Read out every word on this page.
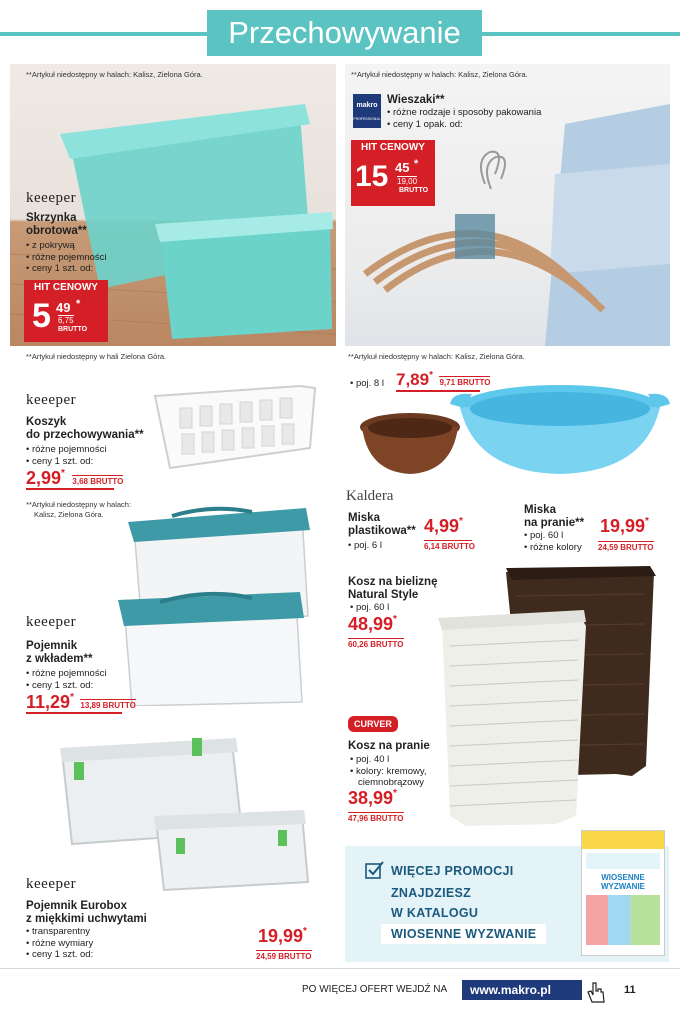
Przechowywanie
**Artykuł niedostępny w halach: Kalisz, Zielona Góra.
keeeper
Skrzynka
obrotowa**
• z pokrywą
• różne pojemności
• ceny 1 szt. od:
HIT CENOWY
5 49 *
6,75
BRUTTO
**Artykuł niedostępny w halach: Kalisz, Zielona Góra.
makro
PROFESSIONAL
Wieszaki**
• różne rodzaje i sposoby pakowania
• ceny 1 opak. od:
HIT CENOWY
15 45 *
19,00
BRUTTO
**Artykuł niedostępny w hali Zielona Góra.
keeeper
Koszyk
do przechowywania**
• różne pojemności
• ceny 1 szt. od:
2,99* 3,68 BRUTTO
**Artykuł niedostępny w halach: Kalisz, Zielona Góra.
• poj. 8 l 7,89* 9,71 BRUTTO
Kaldera
Miska
plastikowa**
• poj. 6 l
4,99*
6,14 BRUTTO
Miska
na pranie**
• poj. 60 l
• różne kolory
19,99*
24,59 BRUTTO
**Artykuł niedostępny w halach:
Kalisz, Zielona Góra.
keeeper
Pojemnik
z wkładem**
• różne pojemności
• ceny 1 szt. od:
11,29* 13,89 BRUTTO
Kosz na bieliznę
Natural Style
• poj. 60 l
48,99*
60,26 BRUTTO
CURVER
Kosz na pranie
• poj. 40 l
• kolory: kremowy,
ciemnobrązowy
38,99*
47,96 BRUTTO
keeeper
Pojemnik Eurobox
z miękkimi uchwytami
• transparentny
• różne wymiary
• ceny 1 szt. od:
19,99*
24,59 BRUTTO
WIĘCEJ PROMOCJI
ZNAJDZIESZ
W KATALOGU
WIOSENNE WYZWANIE
WIOSENNE
WYZWANIE
PO WIĘCEJ OFERT WEJDŹ NA	www.makro.pl	11
